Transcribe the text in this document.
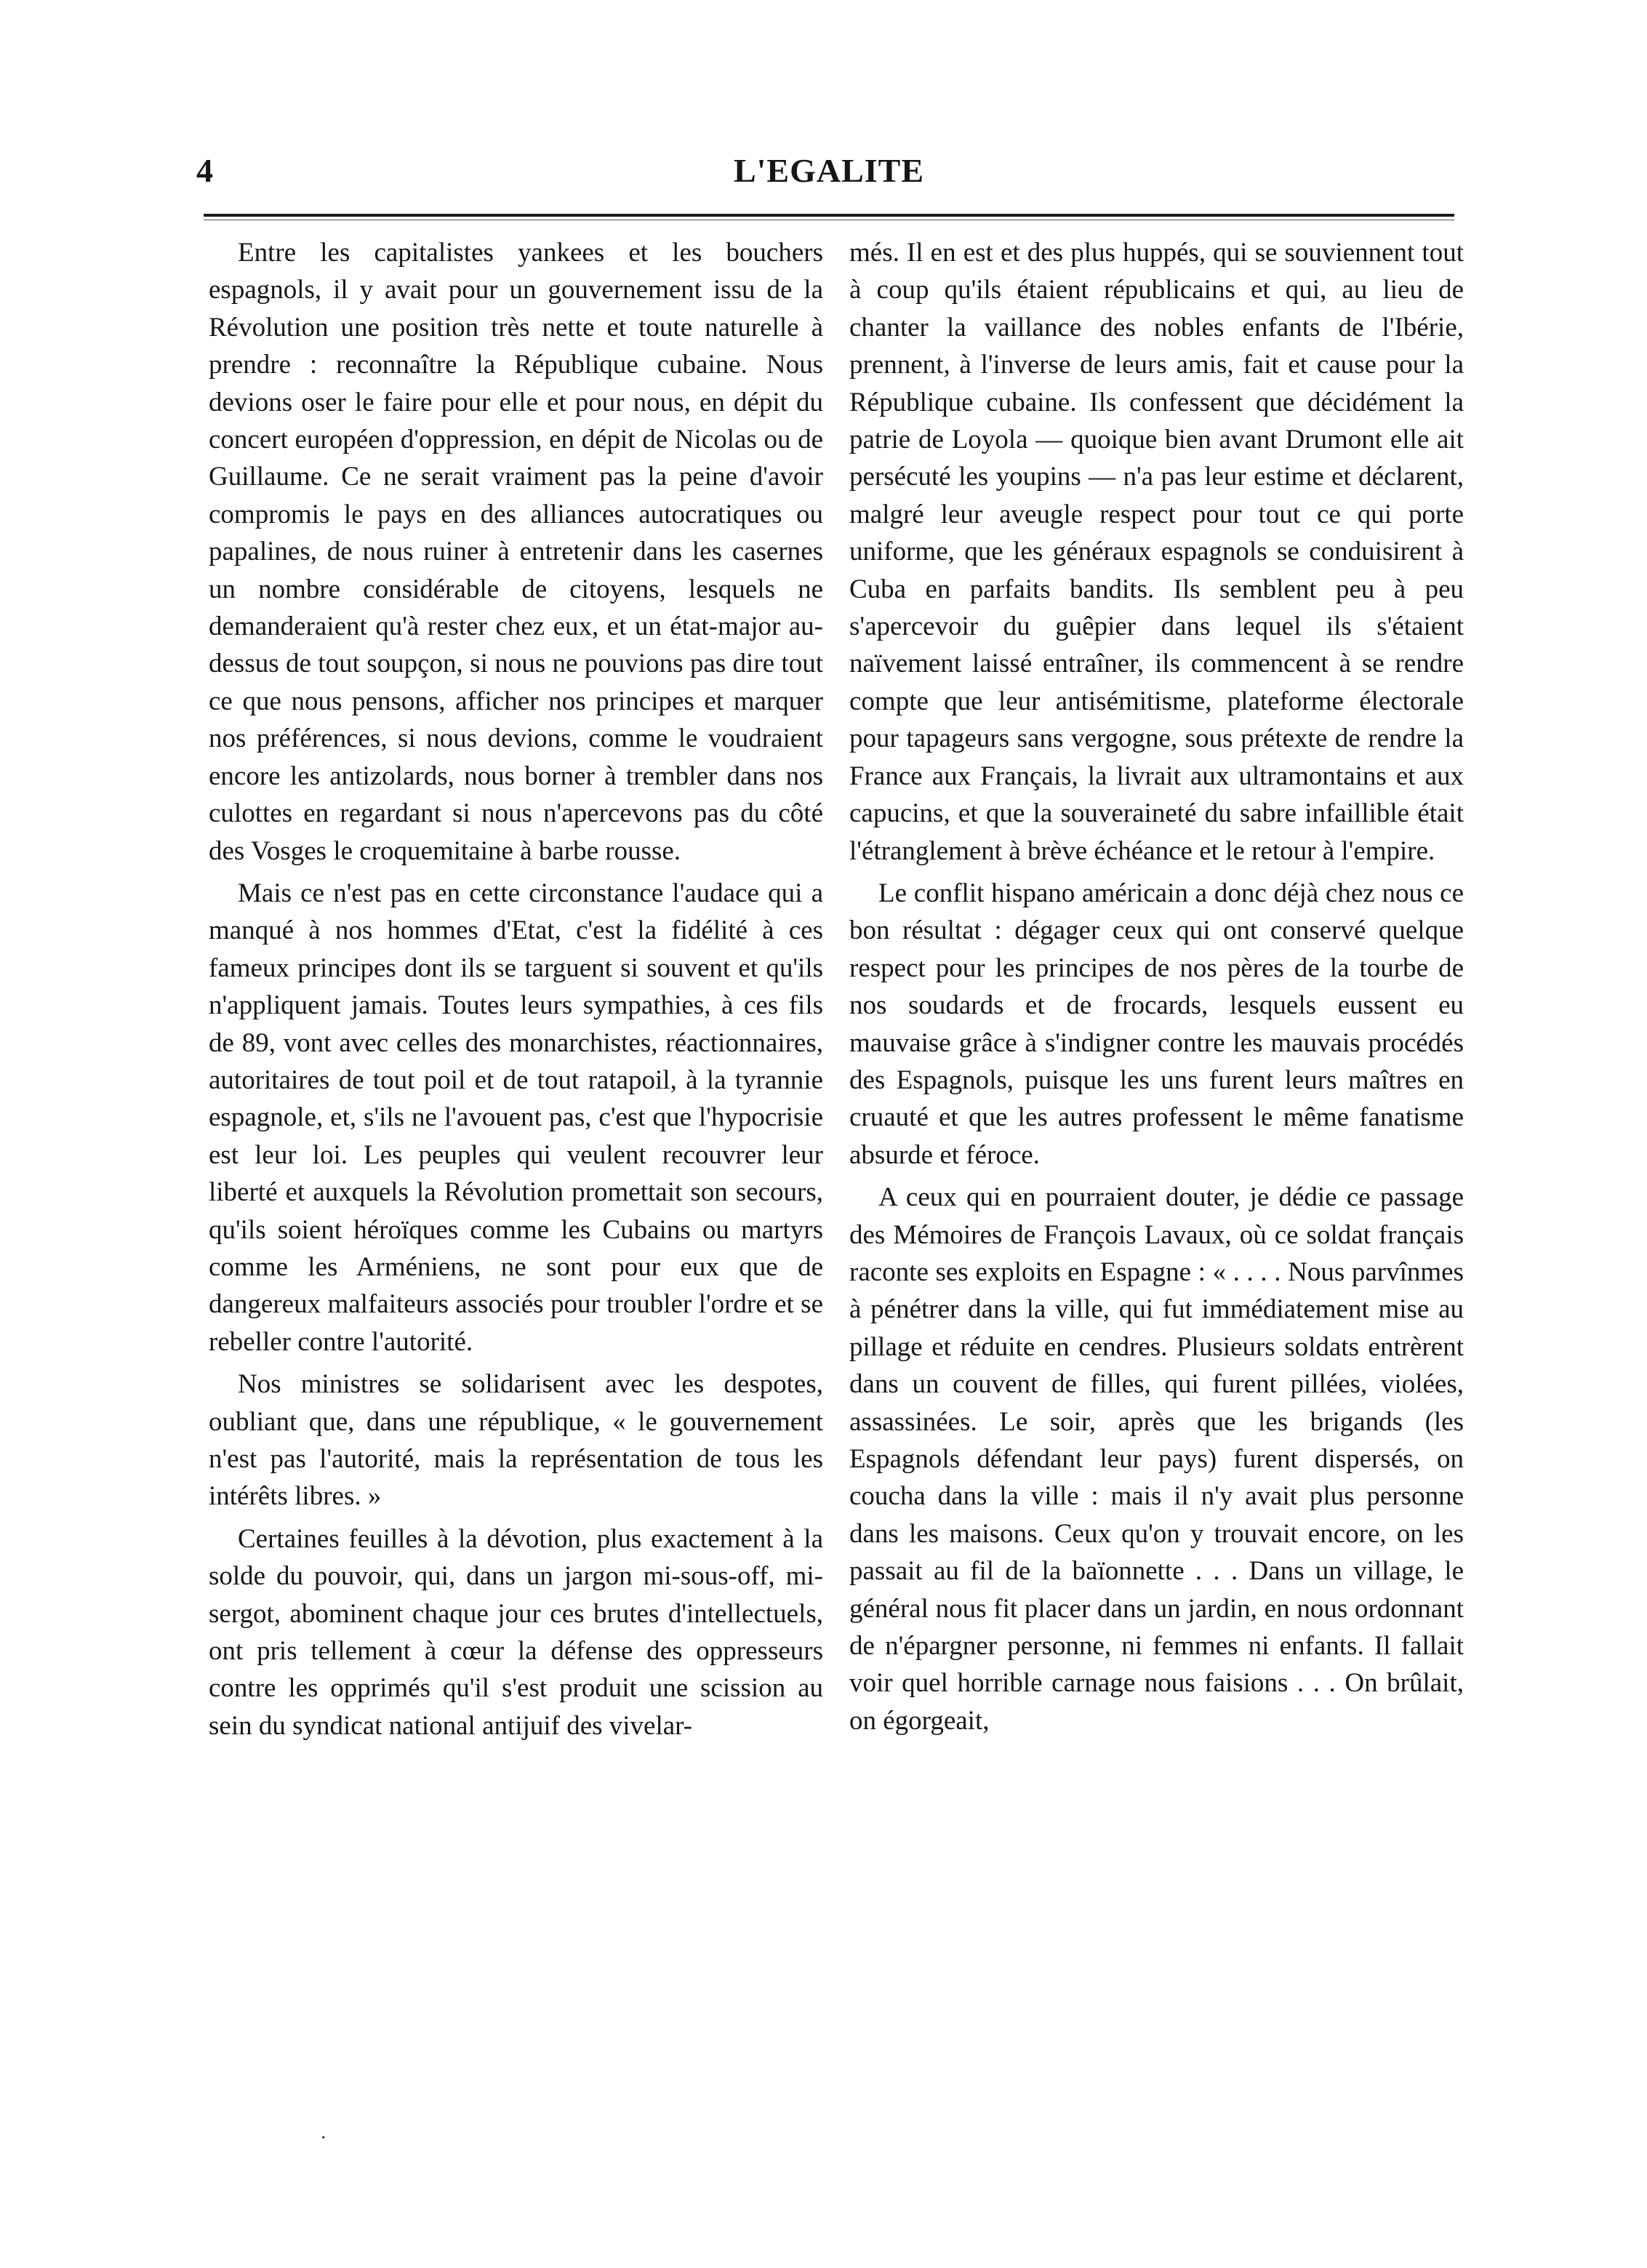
4	L'EGALITE

Entre les capitalistes yankees et les bouchers espagnols, il y avait pour un gouvernement issu de la Révolution une position très nette et toute naturelle à prendre : reconnaître la République cubaine. Nous devions oser le faire pour elle et pour nous, en dépit du concert européen d'oppression, en dépit de Nicolas ou de Guillaume. Ce ne serait vraiment pas la peine d'avoir compromis le pays en des alliances autocratiques ou papalines, de nous ruiner à entretenir dans les casernes un nombre considérable de citoyens, lesquels ne demanderaient qu'à rester chez eux, et un état-major au-dessus de tout soupçon, si nous ne pouvions pas dire tout ce que nous pensons, afficher nos principes et marquer nos préférences, si nous devions, comme le voudraient encore les antizolards, nous borner à trembler dans nos culottes en regardant si nous n'apercevons pas du côté des Vosges le croquemitaine à barbe rousse.

Mais ce n'est pas en cette circonstance l'audace qui a manqué à nos hommes d'Etat, c'est la fidélité à ces fameux principes dont ils se targuent si souvent et qu'ils n'appliquent jamais. Toutes leurs sympathies, à ces fils de 89, vont avec celles des monarchistes, réactionnaires, autoritaires de tout poil et de tout ratapoil, à la tyrannie espagnole, et, s'ils ne l'avouent pas, c'est que l'hypocrisie est leur loi. Les peuples qui veulent recouvrer leur liberté et auxquels la Révolution promettait son secours, qu'ils soient héroïques comme les Cubains ou martyrs comme les Arméniens, ne sont pour eux que de dangereux malfaiteurs associés pour troubler l'ordre et se rebeller contre l'autorité.

Nos ministres se solidarisent avec les despotes, oubliant que, dans une république, « le gouvernement n'est pas l'autorité, mais la représentation de tous les intérêts libres. »

Certaines feuilles à la dévotion, plus exactement à la solde du pouvoir, qui, dans un jargon mi-sous-off, mi-sergot, abominent chaque jour ces brutes d'intellectuels, ont pris tellement à cœur la défense des oppresseurs contre les opprimés qu'il s'est produit une scission au sein du syndicat national antijuif des vivelar-

més. Il en est et des plus huppés, qui se souviennent tout à coup qu'ils étaient républicains et qui, au lieu de chanter la vaillance des nobles enfants de l'Ibérie, prennent, à l'inverse de leurs amis, fait et cause pour la République cubaine. Ils confessent que décidément la patrie de Loyola — quoique bien avant Drumont elle ait persécuté les youpins — n'a pas leur estime et déclarent, malgré leur aveugle respect pour tout ce qui porte uniforme, que les généraux espagnols se conduisirent à Cuba en parfaits bandits. Ils semblent peu à peu s'apercevoir du guêpier dans lequel ils s'étaient naïvement laissé entraîner, ils commencent à se rendre compte que leur antisémitisme, plateforme électorale pour tapageurs sans vergogne, sous prétexte de rendre la France aux Français, la livrait aux ultramontains et aux capucins, et que la souveraineté du sabre infaillible était l'étranglement à brève échéance et le retour à l'empire.

Le conflit hispano américain a donc déjà chez nous ce bon résultat : dégager ceux qui ont conservé quelque respect pour les principes de nos pères de la tourbe de nos soudards et de frocards, lesquels eussent eu mauvaise grâce à s'indigner contre les mauvais procédés des Espagnols, puisque les uns furent leurs maîtres en cruauté et que les autres professent le même fanatisme absurde et féroce.

A ceux qui en pourraient douter, je dédie ce passage des Mémoires de François Lavaux, où ce soldat français raconte ses exploits en Espagne : « . . . . Nous parvînmes à pénétrer dans la ville, qui fut immédiatement mise au pillage et réduite en cendres. Plusieurs soldats entrèrent dans un couvent de filles, qui furent pillées, violées, assassinées. Le soir, après que les brigands (les Espagnols défendant leur pays) furent dispersés, on coucha dans la ville : mais il n'y avait plus personne dans les maisons. Ceux qu'on y trouvait encore, on les passait au fil de la baïonnette . . . Dans un village, le général nous fit placer dans un jardin, en nous ordonnant de n'épargner personne, ni femmes ni enfants. Il fallait voir quel horrible carnage nous faisions . . . On brûlait, on égorgeait,

·
